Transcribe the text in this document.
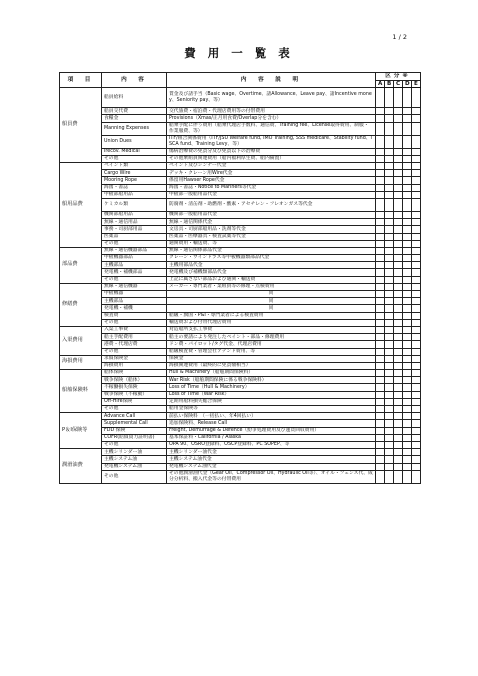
1 / 2
費 用 一 覧 表
項　目	内　容	内　容　説　明	区分※				
			A	B	C	D	E
船員費	船員給料	賃金及び諸手当（Basic wage、Overtime、諸Allowance、Leave pay、諸Incentive money、Seniority pay、等）					
	船員交代費	交代旅費・宿泊費・代理店費用等の付帯費用					
	食糧金	Provisions（Xmas/正月用食費/Overlap分を含む）					
	Manning Expenses	船乗手配に伴う費用（船乗代理店手数料、通信費、Training fee、License取得費用、制服・作業服費、等）					
	Union Dues	ITF/組合関係費用（ITF/JSU Welfare fund, IMO Training, SSS medicare、Stability fund、ISCA fund、Training Levy、等）					
	Irecov. Medical	傷病治療費の免責分及び免責以下の治療費					
	その他	その他乗組員関連費用（船内福利厚生費、船内備置）					
船用品費	ペイント類	ペイント及びシンナー代金					
	Cargo Wire	デッキ・クレーン用Wire代金					
	Mooring Rope	係留用Hawser Rope代金					
	海図・書誌	海図・書誌・Notice to Mariners等代金					
	甲板部船用品	甲板部一般船用品代金					
	ケミカル類	防腐剤・清缶剤・助燃剤・酸素・アセチレン・フレオンガス等代金					
	機関部船用品	機関部一般船用品代金					
	無線・通信用品	無線・通信関係代金					
	事務・司厨部用品	文房具・司厨部船用品・洗剤等代金					
	医薬品	医薬品・医療器具・検査試薬等代金					
	その他	通関費用・輸送費、等					
部品費	無線・通信機器部品	無線・通信関係部品代金					
	甲板機器部品	クレーン・ウインドラス等甲板機器類部品代金					
	主機部品	主機用部品代金					
	発電機・補機部品	発電機及び補機類部品代金					
	その他	上記に属さない部品および通関・輸送費					
修繕費	無線・通信機器	メーカー・専門業者・業組員等の修理・点検費用					
	甲板機器	同					
	主機部品	同					
	発電機・補機	同					
	検査費	船級・旗国・P&I・専門業者による検査費用					
	その他	輸送費および付帯代理店費用					
入渠費用	入渠工事費	対造船所支払工事費					
	船主手配費用	船主の要請により発注したペイント・部品・修理費用					
	港費・代理店費	ドン費・パイロット/タグ代金、代理店費用					
	その他	船級検査費・管理会社アテンド費用、等					
海損費用	求償保険金	保険金					
	海損費用	海損関連費用（最終的に免責額相当）					
船舶保険料	船体保険	Hull & Machinery（船舶期間保険料）					
	戦争保険（船体）	War Risk（船舶期間保険に係る戦争保険料）					
	不稼働損失保険	Loss of Time（Hull & Machinery）					
	戦争保険（不稼動）	Loss of Time（War Risk）					
	Off-Hire保険	定期用船料損失総合保険					
	その他	船用金保険等					
P＆I保険等	Advance Call	前払い保険料　（一括払い、年4回払い）					
	Supplemental Call	追加保険料、Release Call					
	FDD 保険	Freight, Demurrage & Defence（紛争処理費用及び運賃回収費用）					
	COFR(賠償資力証明書)	基本保証料・California / Alaska					
	その他	OPA 90、OSRO登録料、OSCP登録料、PC SOPEP、等					
潤滑油費	主機シリンダー油	主機シリンダー油代金					
	主機システム油	主機システム油代金					
	発電機システム油	発電機システム油代金					
	その他	その他潤滑油代金（Gear Oil、Compressor Oil、Hydraulic Oil等）、オイル・フェンス代、成分分析料、搬入代金等の付帯費用					
